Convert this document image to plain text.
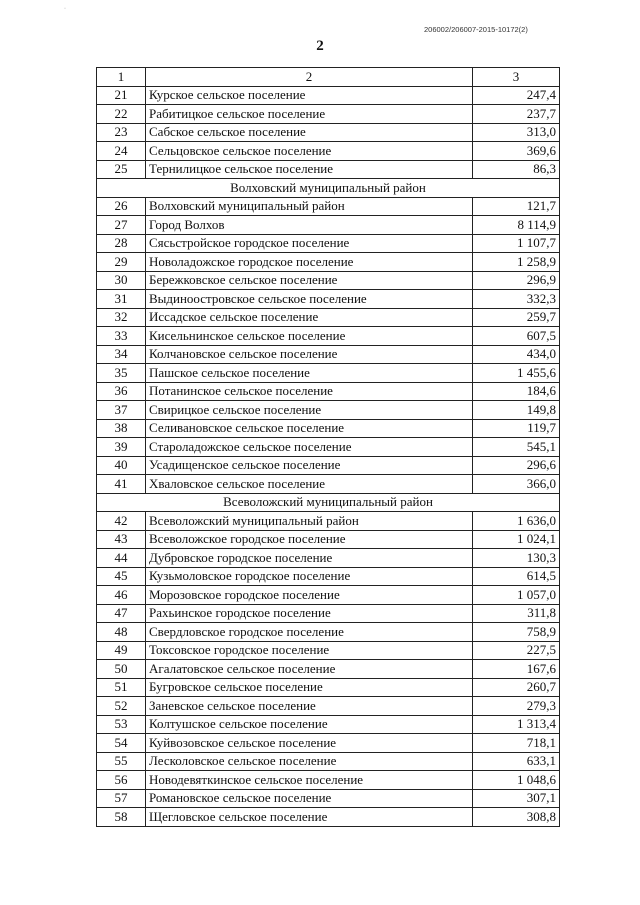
·
206002/206007-2015-10172(2)
2
1	2	3
21	Курское сельское поселение	247,4
22	Рабитицкое сельское поселение	237,7
23	Сабское сельское поселение	313,0
24	Сельцовское сельское поселение	369,6
25	Тернилицкое сельское поселение	86,3
Волховский муниципальный район		
26	Волховский муниципальный район	121,7
27	Город Волхов	8 114,9
28	Сясьстройское городское поселение	1 107,7
29	Новоладожское городское поселение	1 258,9
30	Бережковское сельское поселение	296,9
31	Выдиноостровское сельское поселение	332,3
32	Иссадское сельское поселение	259,7
33	Кисельнинское сельское поселение	607,5
34	Колчановское сельское поселение	434,0
35	Пашское сельское поселение	1 455,6
36	Потанинское сельское поселение	184,6
37	Свирицкое сельское поселение	149,8
38	Селивановское сельское поселение	119,7
39	Староладожское сельское поселение	545,1
40	Усадищенское сельское поселение	296,6
41	Хваловское сельское поселение	366,0
Всеволожский муниципальный район		
42	Всеволожский муниципальный район	1 636,0
43	Всеволожское городское поселение	1 024,1
44	Дубровское городское поселение	130,3
45	Кузьмоловское городское поселение	614,5
46	Морозовское городское поселение	1 057,0
47	Рахьинское городское поселение	311,8
48	Свердловское городское поселение	758,9
49	Токсовское городское поселение	227,5
50	Агалатовское сельское поселение	167,6
51	Бугровское сельское поселение	260,7
52	Заневское сельское поселение	279,3
53	Колтушское сельское поселение	1 313,4
54	Куйвозовское сельское поселение	718,1
55	Лесколовское сельское поселение	633,1
56	Новодевяткинское сельское поселение	1 048,6
57	Романовское сельское поселение	307,1
58	Щегловское сельское поселение	308,8
